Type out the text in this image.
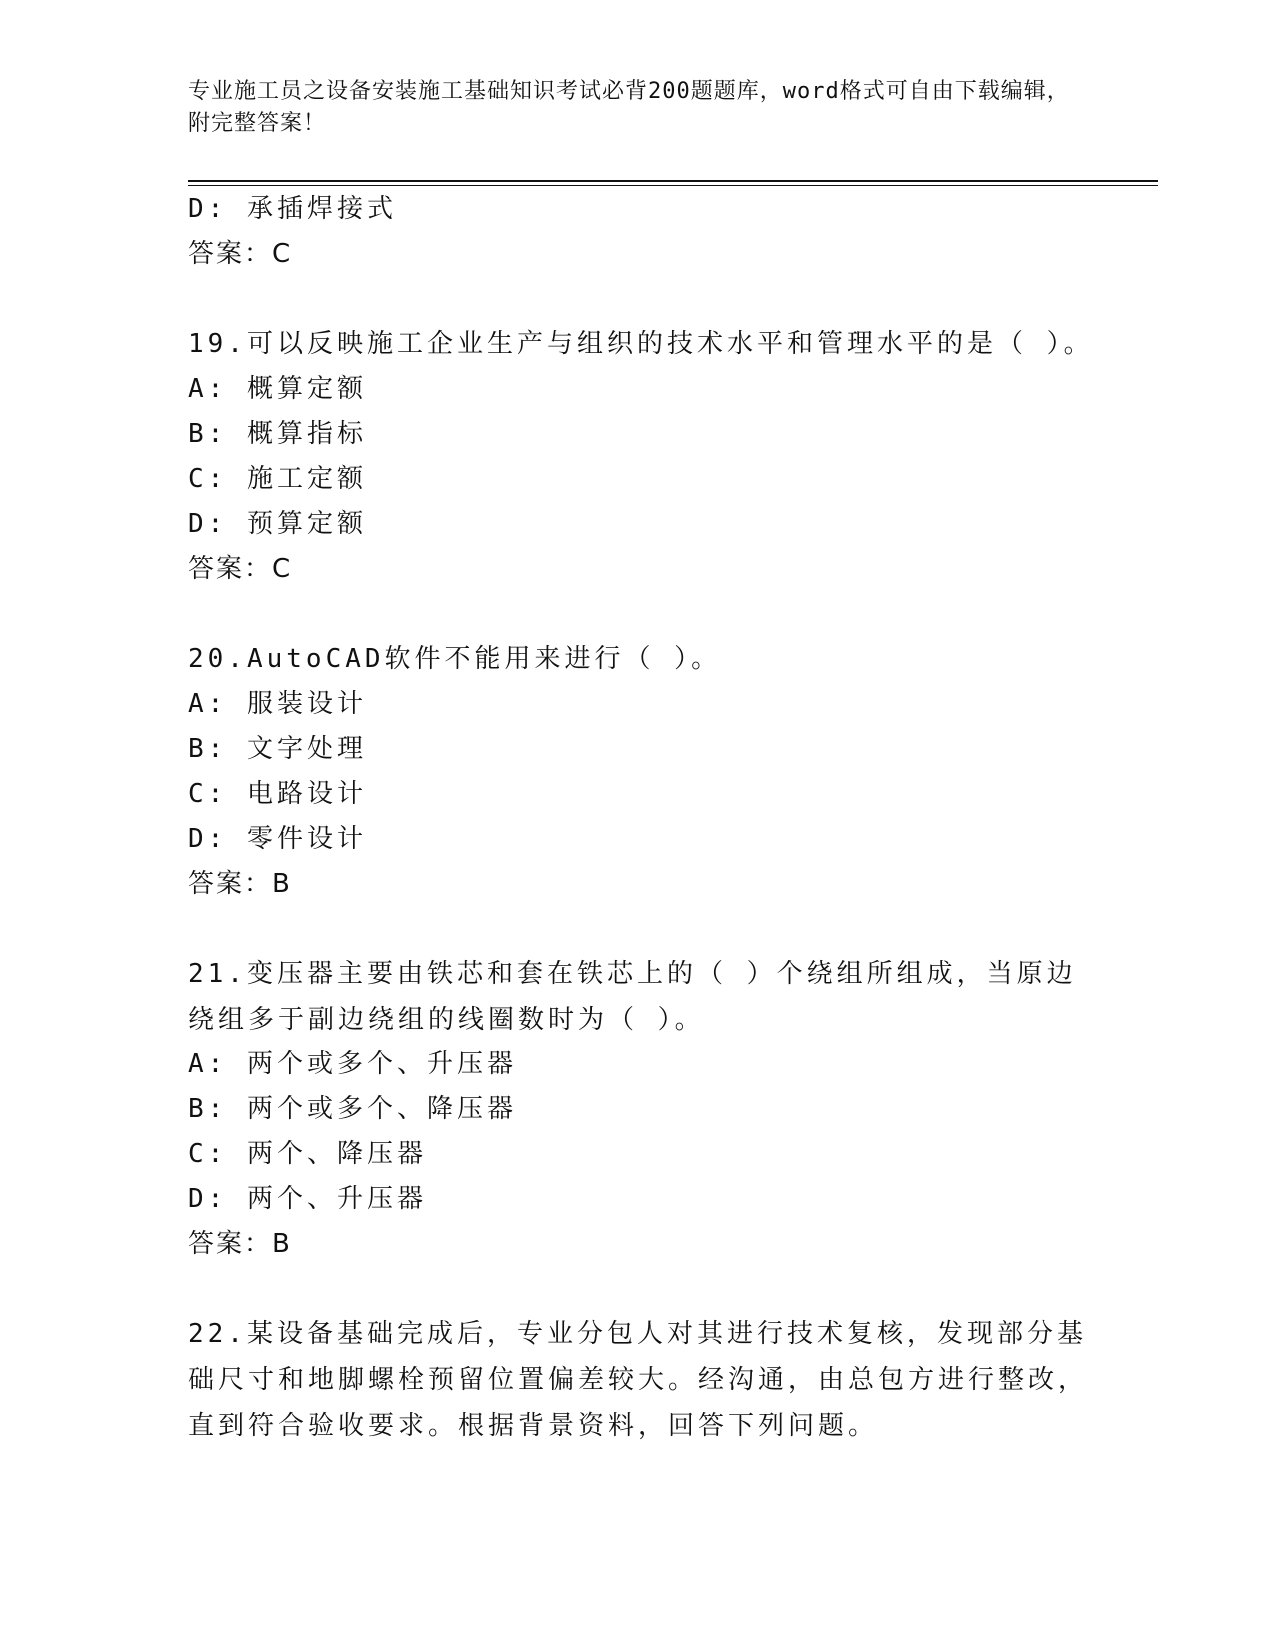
专业施工员之设备安装施工基础知识考试必背200题题库，word格式可自由下载编辑，附完整答案！
D: 承插焊接式
答案：C
19.可以反映施工企业生产与组织的技术水平和管理水平的是（ ）。
A: 概算定额
B: 概算指标
C: 施工定额
D: 预算定额
答案：C
20.AutoCAD软件不能用来进行（ ）。
A: 服装设计
B: 文字处理
C: 电路设计
D: 零件设计
答案：B
21.变压器主要由铁芯和套在铁芯上的（ ）个绕组所组成，当原边绕组多于副边绕组的线圈数时为（ ）。
A: 两个或多个、升压器
B: 两个或多个、降压器
C: 两个、降压器
D: 两个、升压器
答案：B
22.某设备基础完成后，专业分包人对其进行技术复核，发现部分基础尺寸和地脚螺栓预留位置偏差较大。经沟通，由总包方进行整改，直到符合验收要求。根据背景资料，回答下列问题。
